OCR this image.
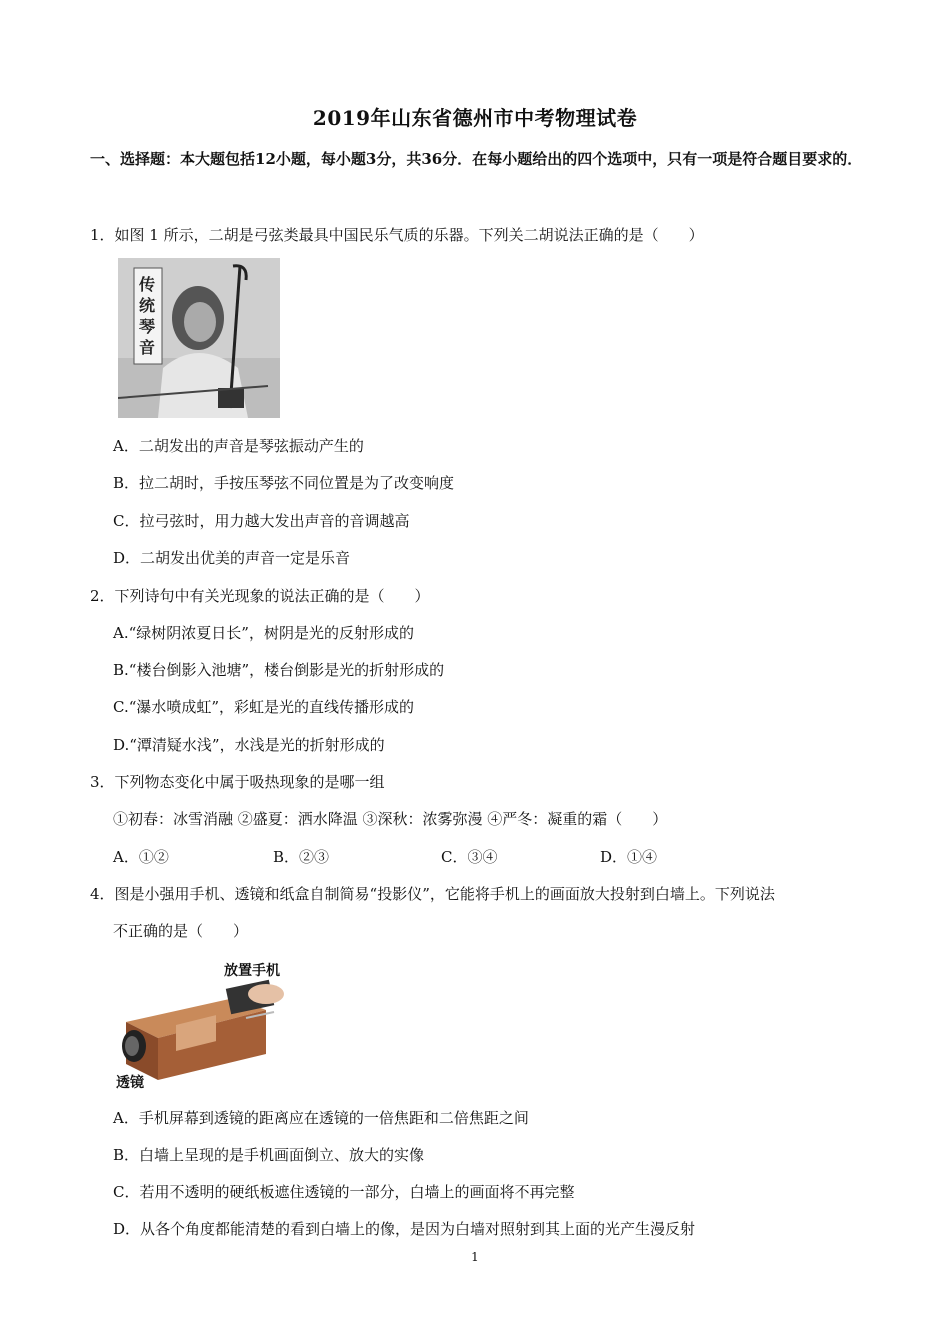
2019年山东省德州市中考物理试卷
一、选择题：本大题包括12小题，每小题3分，共36分．在每小题给出的四个选项中，只有一项是符合题目要求的．
1．如图 1 所示，二胡是弓弦类最具中国民乐气质的乐器。下列关二胡说法正确的是（　　）
传统琴音
A．二胡发出的声音是琴弦振动产生的
B．拉二胡时，手按压琴弦不同位置是为了改变响度
C．拉弓弦时，用力越大发出声音的音调越高
D．二胡发出优美的声音一定是乐音
2．下列诗句中有关光现象的说法正确的是（　　）
A.“绿树阴浓夏日长”，树阴是光的反射形成的
B.“楼台倒影入池塘”，楼台倒影是光的折射形成的
C.“瀑水喷成虹”，彩虹是光的直线传播形成的
D.“潭清疑水浅”，水浅是光的折射形成的
3．下列物态变化中属于吸热现象的是哪一组
①初春：冰雪消融 ②盛夏：洒水降温 ③深秋：浓雾弥漫 ④严冬：凝重的霜（　　）
A．①②	B．②③	C．③④	D．①④
4．图是小强用手机、透镜和纸盒自制简易“投影仪”，它能将手机上的画面放大投射到白墙上。下列说法
不正确的是（　　）
放置手机
透镜
A．手机屏幕到透镜的距离应在透镜的一倍焦距和二倍焦距之间
B．白墙上呈现的是手机画面倒立、放大的实像
C．若用不透明的硬纸板遮住透镜的一部分，白墙上的画面将不再完整
D．从各个角度都能清楚的看到白墙上的像，是因为白墙对照射到其上面的光产生漫反射
1
